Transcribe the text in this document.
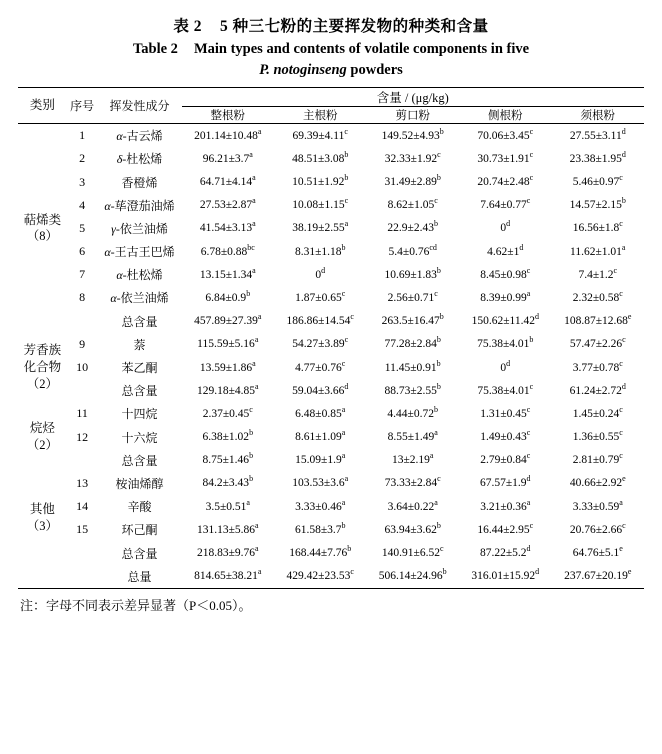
表 2 5 种三七粉的主要挥发物的种类和含量
Table 2 Main types and contents of volatile components in five
P. notoginseng powders
类别	序号	挥发性成分	含量 / (μg/kg)				
			整根粉	主根粉	剪口粉	侧根粉	须根粉
萜烯类
（8）	1	α-古云烯	201.14±10.48$^a$	69.39±4.11$^c$	149.52±4.93$^b$	70.06±3.45$^c$	27.55±3.11$^d$
	2	δ-杜松烯	96.21±3.7$^a$	48.51±3.08$^b$	32.33±1.92$^c$	30.73±1.91$^c$	23.38±1.95$^d$
	3	香橙烯	64.71±4.14$^a$	10.51±1.92$^b$	31.49±2.89$^b$	20.74±2.48$^c$	5.46±0.97$^c$
	4	α-荜澄茄油烯	27.53±2.87$^a$	10.08±1.15$^c$	8.62±1.05$^c$	7.64±0.77$^c$	14.57±2.15$^b$
	5	γ-依兰油烯	41.54±3.13$^a$	38.19±2.55$^a$	22.9±2.43$^b$	0$^d$	16.56±1.8$^c$
	6	α-王古王巴烯	6.78±0.88$^{bc}$	8.31±1.18$^b$	5.4±0.76$^{cd}$	$4.62\pm 1^d$	11.62±1.01$^a$
	7	α-杜松烯	13.15±1.34$^a$	0$^d$	10.69±1.83$^b$	8.45±0.98$^c$	7.4±1.2$^c$
	8	α-依兰油烯	6.84±0.9$^b$	1.87±0.65$^c$	2.56±0.71$^c$	8.39±0.99$^a$	2.32±0.58$^c$
		总含量	457.89±27.39$^a$	186.86±14.54$^c$	263.5±16.47$^b$	150.62±11.42$^d$	108.87±12.68$^e$
芳香族
化合物
（2）	9	萘	115.59±5.16$^a$	54.27±3.89$^c$	77.28±2.84$^b$	75.38±4.01$^b$	57.47±2.26$^c$
	10	苯乙酮	13.59±1.86$^a$	4.77±0.76$^c$	11.45±0.91$^b$	0$^d$	3.77±0.78$^c$
		总含量	129.18±4.85$^a$	59.04±3.66$^d$	88.73±2.55$^b$	75.38±4.01$^c$	61.24±2.72$^d$
烷烃
（2）	11	十四烷	2.37±0.45$^c$	6.48±0.85$^a$	4.44±0.72$^b$	1.31±0.45$^c$	1.45±0.24$^c$
	12	十六烷	6.38±1.02$^b$	8.61±1.09$^a$	8.55±1.49$^a$	1.49±0.43$^c$	1.36±0.55$^c$
		总含量	8.75±1.46$^b$	15.09±1.9$^a$	13±2.19$^a$	2.79±0.84$^c$	2.81±0.79$^c$
其他
（3）	13	桉油烯醇	84.2±3.43$^b$	103.53±3.6$^a$	73.33±2.84$^c$	67.57±1.9$^d$	40.66±2.92$^e$
	14	辛酸	3.5±0.51$^a$	3.33±0.46$^a$	3.64±0.22$^a$	3.21±0.36$^a$	3.33±0.59$^a$
	15	环己酮	131.13±5.86$^a$	61.58±3.7$^b$	63.94±3.62$^b$	16.44±2.95$^c$	20.76±2.66$^c$
		总含量	218.83±9.76$^a$	168.44±7.76$^b$	140.91±6.52$^c$	87.22±5.2$^d$	64.76±5.1$^e$
		总量	814.65±38.21$^a$	429.42±23.53$^c$	506.14±24.96$^b$	316.01±15.92$^d$	237.67±20.19$^e$
注：字母不同表示差异显著（P＜0.05）。
